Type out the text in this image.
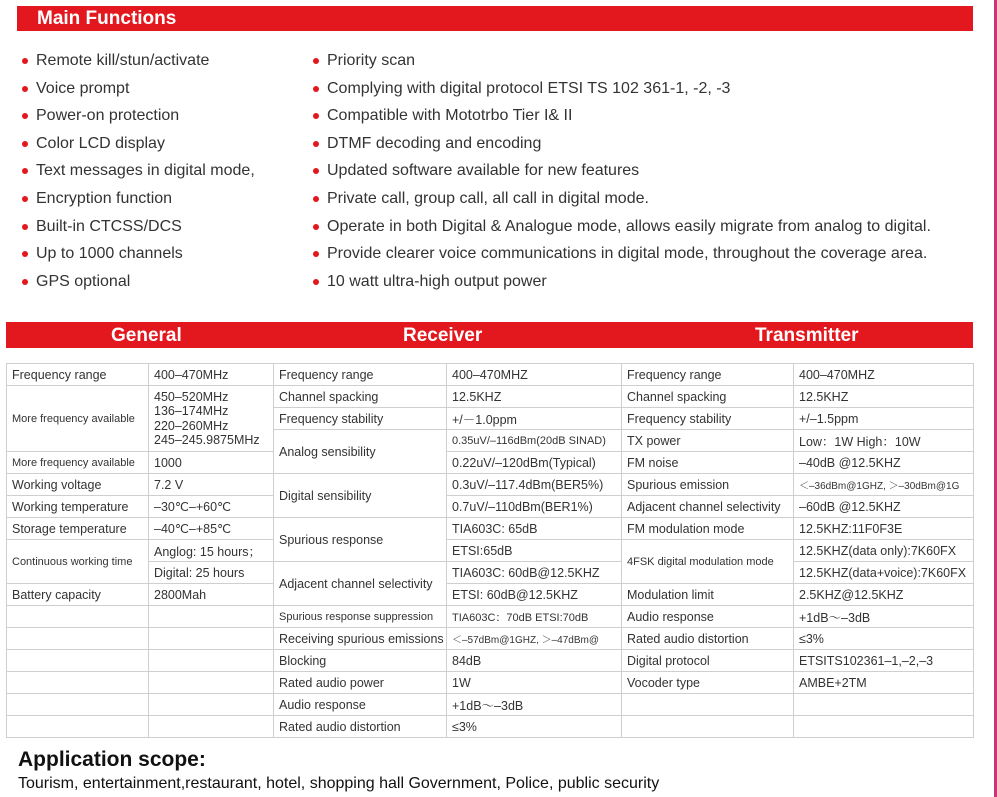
Main Functions
Remote kill/stun/activate
Voice prompt
Power-on protection
Color LCD display
Text messages in digital mode,
Encryption function
Built-in CTCSS/DCS
Up to 1000 channels
GPS optional
Priority scan
Complying with digital protocol ETSI TS 102 361-1, -2, -3
Compatible with Mototrbo Tier I& II
DTMF decoding and encoding
Updated software available for new features
Private call, group call, all call in digital mode.
Operate in both Digital & Analogue mode, allows easily migrate from analog to digital.
Provide clearer voice communications in digital mode, throughout the coverage area.
10 watt ultra-high output power
General	Receiver	Transmitter
Frequency range	400–470MHz	Frequency range	400–470MHZ	Frequency range	400–470MHZ
More frequency available	450–520MHz
136–174MHz
220–260MHz
245–245.9875MHz	Channel spacking	12.5KHZ	Channel spacking	12.5KHZ
		Frequency stability	+/－1.0ppm	Frequency stability	+/–1.5ppm
		Analog sensibility	0.35uV/–116dBm(20dB SINAD)	TX power	Low：1W High：10W
More frequency available	1000		0.22uV/–120dBm(Typical)	FM noise	–40dB @12.5KHZ
Working voltage	7.2 V	Digital sensibility	0.3uV/–117.4dBm(BER5%)	Spurious emission	＜–36dBm@1GHZ, ＞–30dBm@1G
Working temperature	–30℃–+60℃		0.7uV/–110dBm(BER1%)	Adjacent channel selectivity	–60dB @12.5KHZ
Storage temperature	–40℃–+85℃	Spurious response	TIA603C: 65dB	FM modulation mode	12.5KHZ:11F0F3E
Continuous working time	Anglog: 15 hours；		ETSI:65dB	4FSK digital modulation mode	12.5KHZ(data only):7K60FX
	Digital: 25 hours	Adjacent channel selectivity	TIA603C: 60dB@12.5KHZ		12.5KHZ(data+voice):7K60FX
Battery capacity	2800Mah		ETSI: 60dB@12.5KHZ	Modulation limit	2.5KHZ@12.5KHZ
		Spurious response suppression	TIA603C：70dB ETSI:70dB	Audio response	+1dB～–3dB
		Receiving spurious emissions	＜–57dBm@1GHZ, ＞–47dBm@	Rated audio distortion	≤3%
		Blocking	84dB	Digital protocol	ETSITS102361–1,–2,–3
		Rated audio power	1W	Vocoder type	AMBE+2TM
		Audio response	+1dB～–3dB		
		Rated audio distortion	≤3%		
Application scope:
Tourism, entertainment,restaurant, hotel, shopping hall Government, Police, public security
